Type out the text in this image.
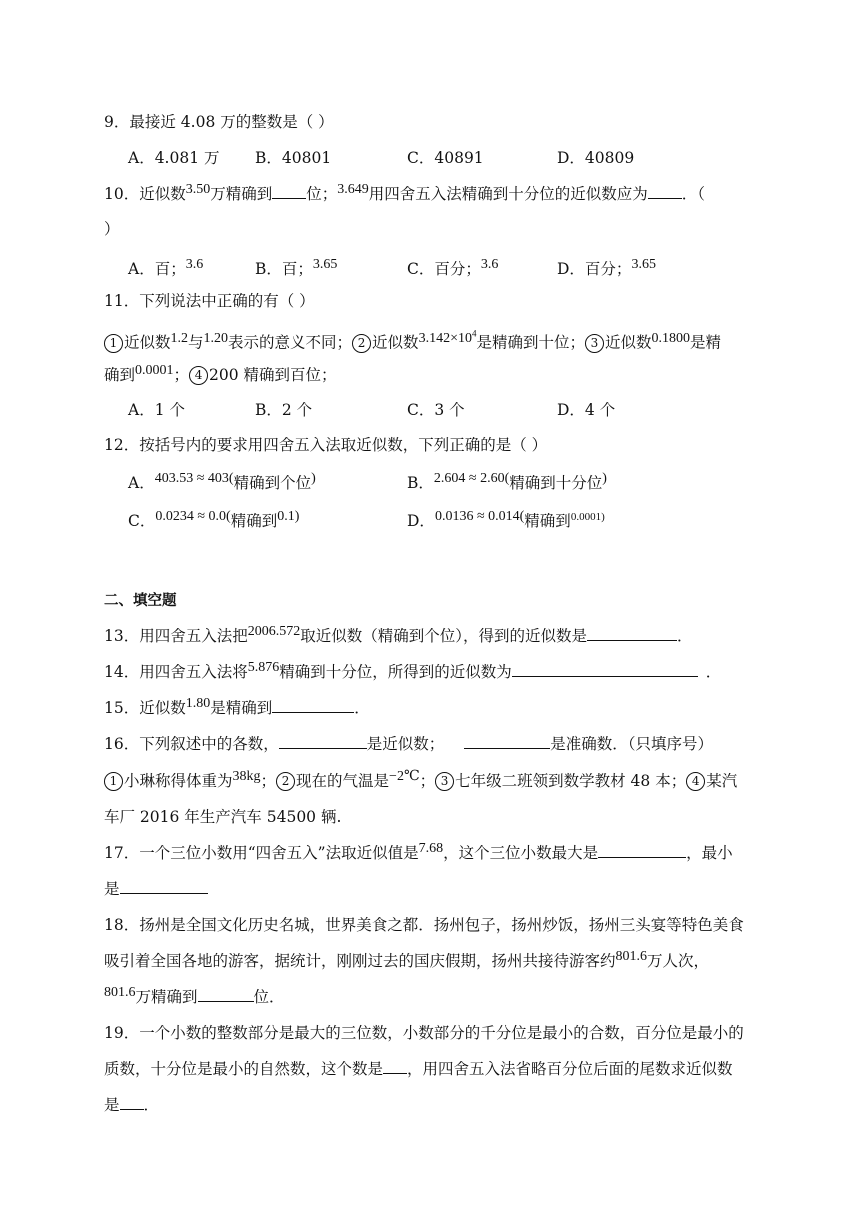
9．最接近 4.08 万的整数是（ ）
A．4.081 万 B．40801	C．40891	D．40809
10．近似数3.50万精确到 位；3.649用四舍五入法精确到十分位的近似数应为 ．（
）
A．百；3.6	B．百；3.65	C．百分；3.6	D．百分；3.65
11．下列说法中正确的有（ ）
1 近似数1.2与1.20表示的意义不同； 2 近似数$3.142\times 10^4$是精确到十位； 3 近似数0.1800是精
确到0.0001； 4 200 精确到百位；
A．1 个	B．2 个	C．3 个	D．4 个
12．按括号内的要求用四舍五入法取近似数，下列正确的是（ ）
A．403.53 ≈ 403(精确到个位)	B．2.604 ≈ 2.60(精确到十分位)
C．0.0234 ≈ 0.0(精确到0.1)	D．0.0136 ≈ 0.014(精确到$^{0.0001)}$
二、填空题
13．用四舍五入法把2006.572取近似数（精确到个位），得到的近似数是	．
14．用四舍五入法将5.876精确到十分位，所得到的近似数为	．
15．近似数1.80是精确到	．
16．下列叙述中的各数，	是近似数；	是准确数．（只填序号）
1 小琳称得体重为38kg； 2 现在的气温是−2℃； 3 七年级二班领到数学教材 48 本； 4 某汽
车厂 2016 年生产汽车 54500 辆.
17．一个三位小数用“四舍五入”法取近似值是7.68，这个三位小数最大是	，最小
是
18．扬州是全国文化历史名城，世界美食之都．扬州包子，扬州炒饭，扬州三头宴等特色美食
吸引着全国各地的游客，据统计，刚刚过去的国庆假期，扬州共接待游客约801.6万人次，
801.6万精确到	位．
19．一个小数的整数部分是最大的三位数，小数部分的千分位是最小的合数，百分位是最小的
质数，十分位是最小的自然数，这个数是 ，用四舍五入法省略百分位后面的尾数求近似数
是 ．
